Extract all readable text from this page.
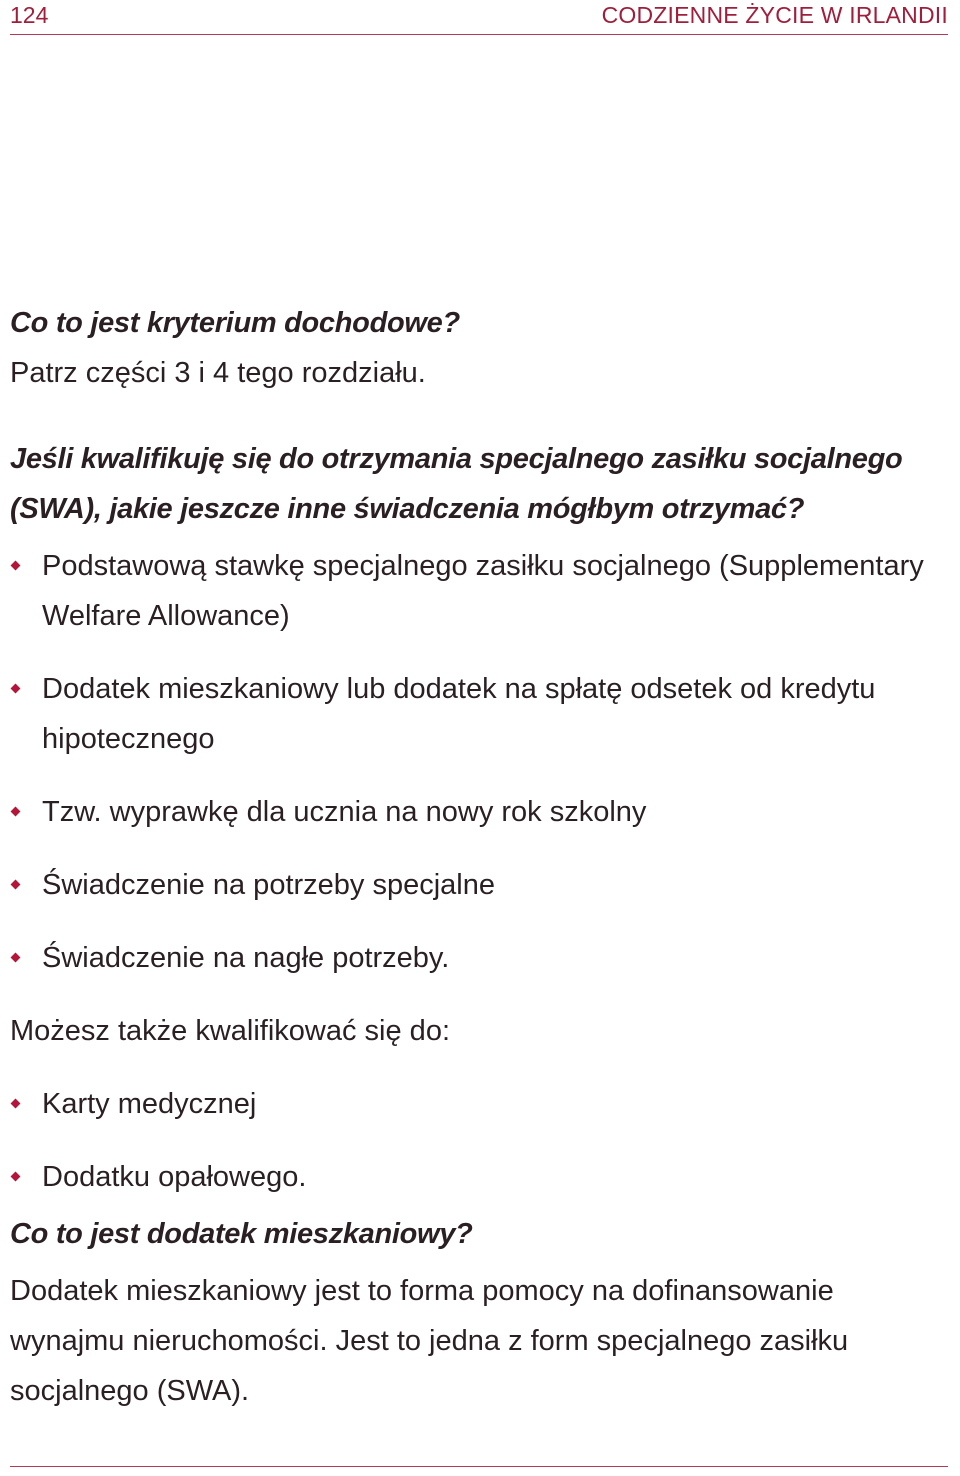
124	CODZIENNE ŻYCIE W IRLANDII

Co to jest kryterium dochodowe?

Patrz części 3 i 4 tego rozdziału.

Jeśli kwalifikuję się do otrzymania specjalnego zasiłku socjalnego (SWA), jakie jeszcze inne świadczenia mógłbym otrzymać?

Podstawową stawkę specjalnego zasiłku socjalnego (Supplementary Welfare Allowance)
Dodatek mieszkaniowy lub dodatek na spłatę odsetek od kredytu hipotecznego
Tzw. wyprawkę dla ucznia na nowy rok szkolny
Świadczenie na potrzeby specjalne
Świadczenie na nagłe potrzeby.

Możesz także kwalifikować się do:

Karty medycznej
Dodatku opałowego.

Co to jest dodatek mieszkaniowy?

Dodatek mieszkaniowy jest to forma pomocy na dofinansowanie wynajmu nieruchomości. Jest to jedna z form specjalnego zasiłku socjalnego (SWA).
